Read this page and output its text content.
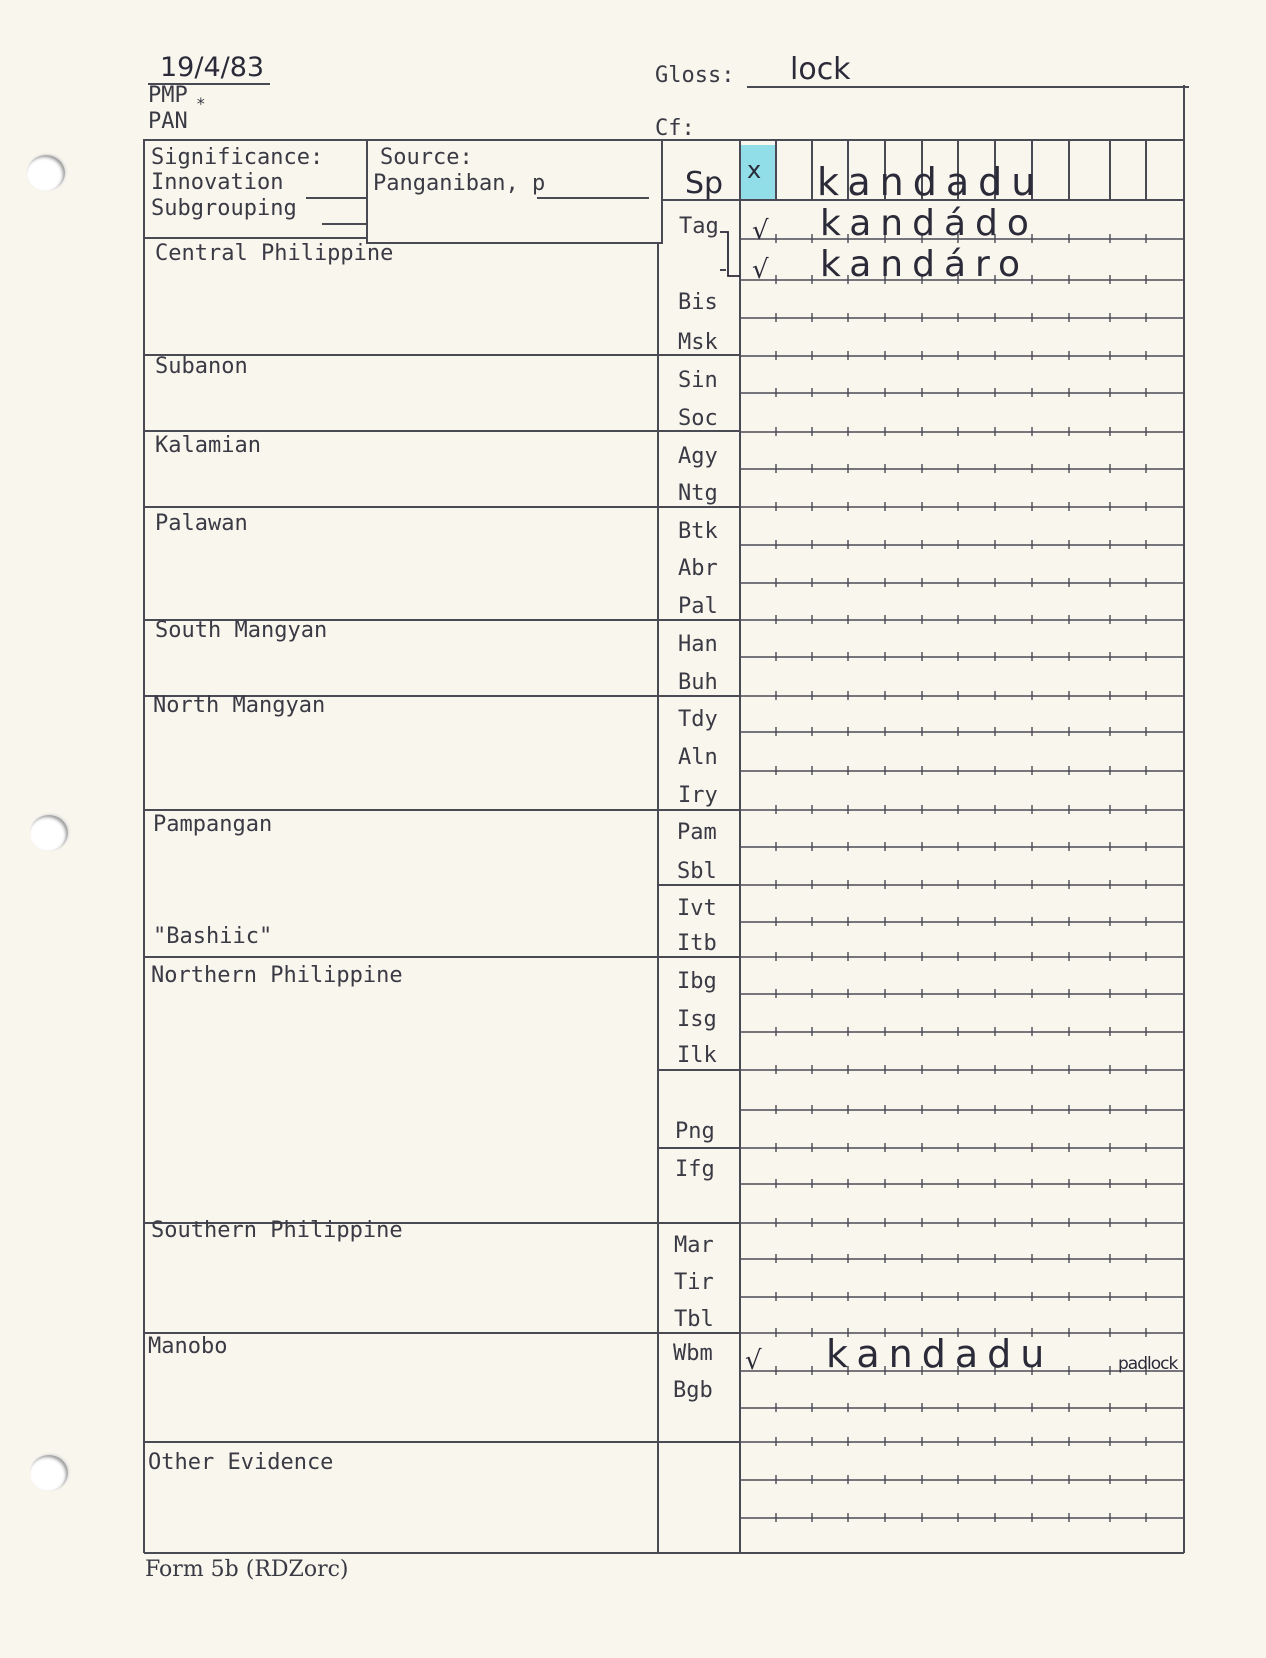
19/4/83
PMP *
PAN
Gloss: lock
Cf:
Significance:
Innovation
Subgrouping
Source:
Panganiban, p
Central Philippine
Subanon
Kalamian
Palawan
South Mangyan
North Mangyan
Pampangan
"Bashiic"
Northern Philippine
Southern Philippine
Manobo
Other Evidence
Sp
Tag
Bis
Msk
Sin
Soc
Agy
Ntg
Btk
Abr
Pal
Han
Buh
Tdy
Aln
Iry
Pam
Sbl
Ivt
Itb
Ibg
Isg
Ilk
Png
Ifg
Mar
Tir
Tbl
Wbm
Bgb
x kandadu
√ kandádo
√ kandáro
√ kandadu	padlock
Form 5b (RDZorc)
